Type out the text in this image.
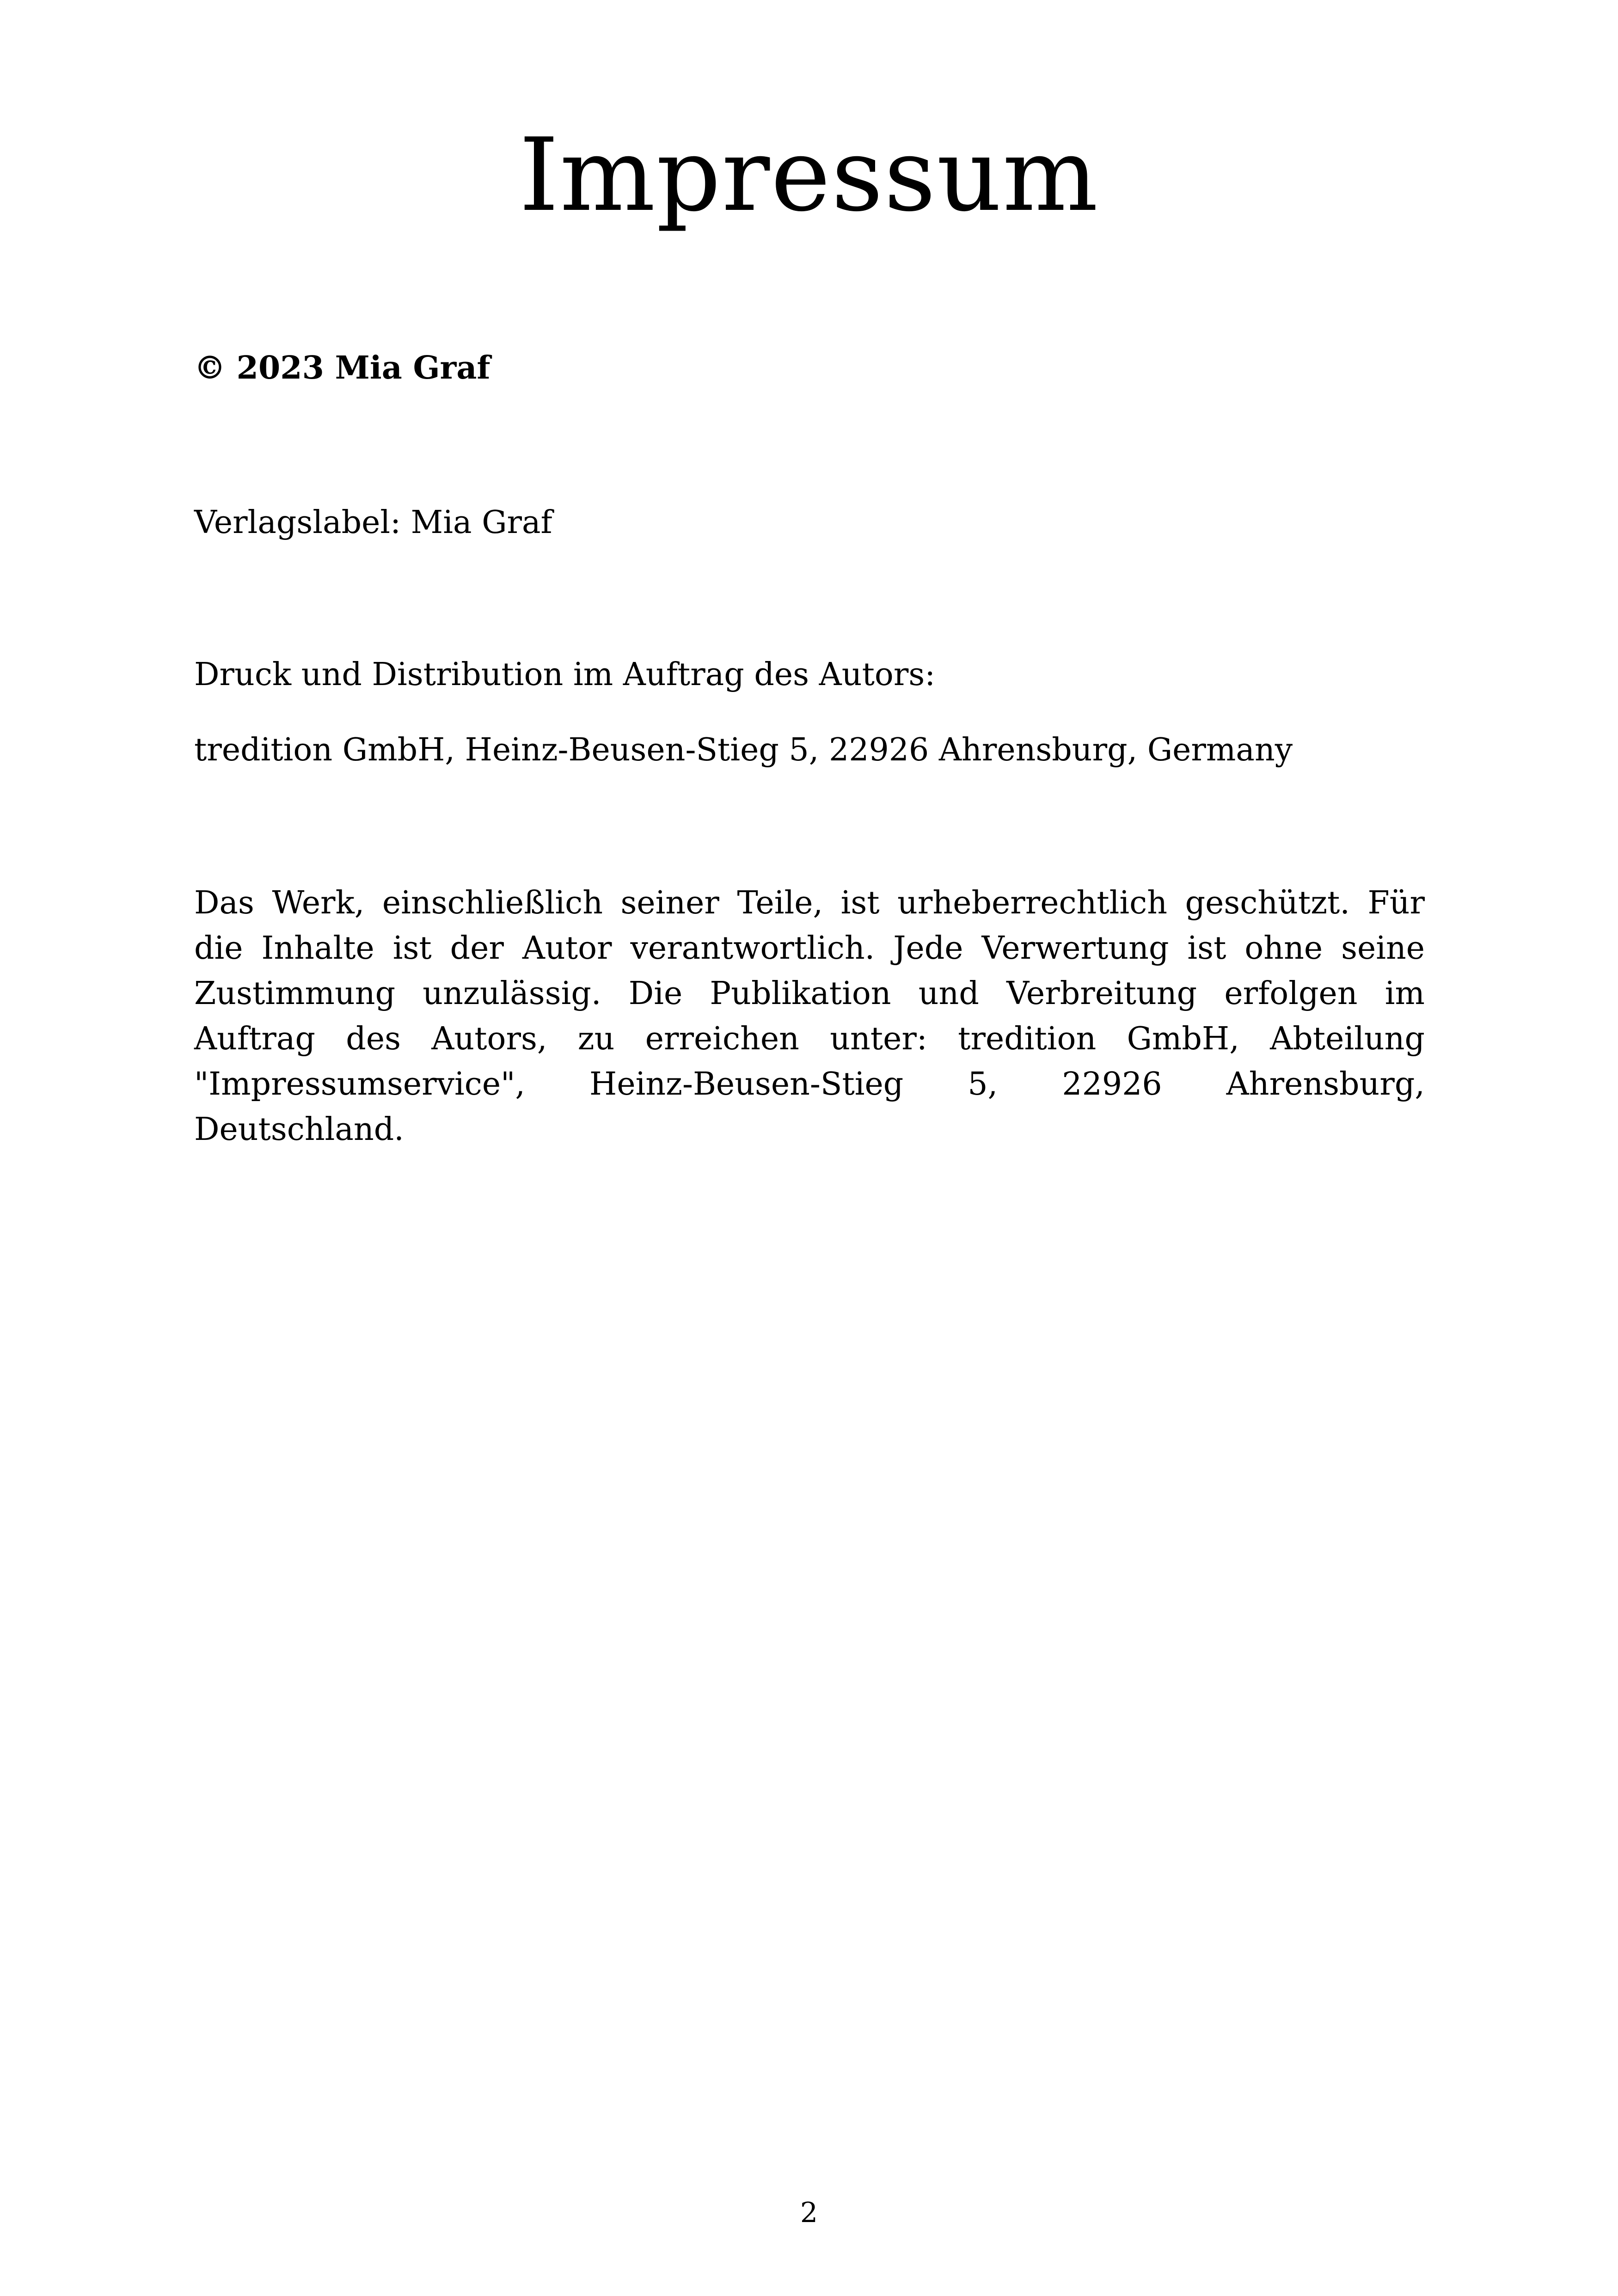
Impressum
© 2023 Mia Graf
Verlagslabel: Mia Graf
Druck und Distribution im Auftrag des Autors:
tredition GmbH, Heinz-Beusen-Stieg 5, 22926 Ahrensburg, Germany
Das Werk, einschließlich seiner Teile, ist urheberrechtlich geschützt. Für
die Inhalte ist der Autor verantwortlich. Jede Verwertung ist ohne seine
Zustimmung unzulässig. Die Publikation und Verbreitung erfolgen im
Auftrag des Autors, zu erreichen unter: tredition GmbH, Abteilung
"Impressumservice", Heinz-Beusen-Stieg 5, 22926 Ahrensburg,
Deutschland.
2
